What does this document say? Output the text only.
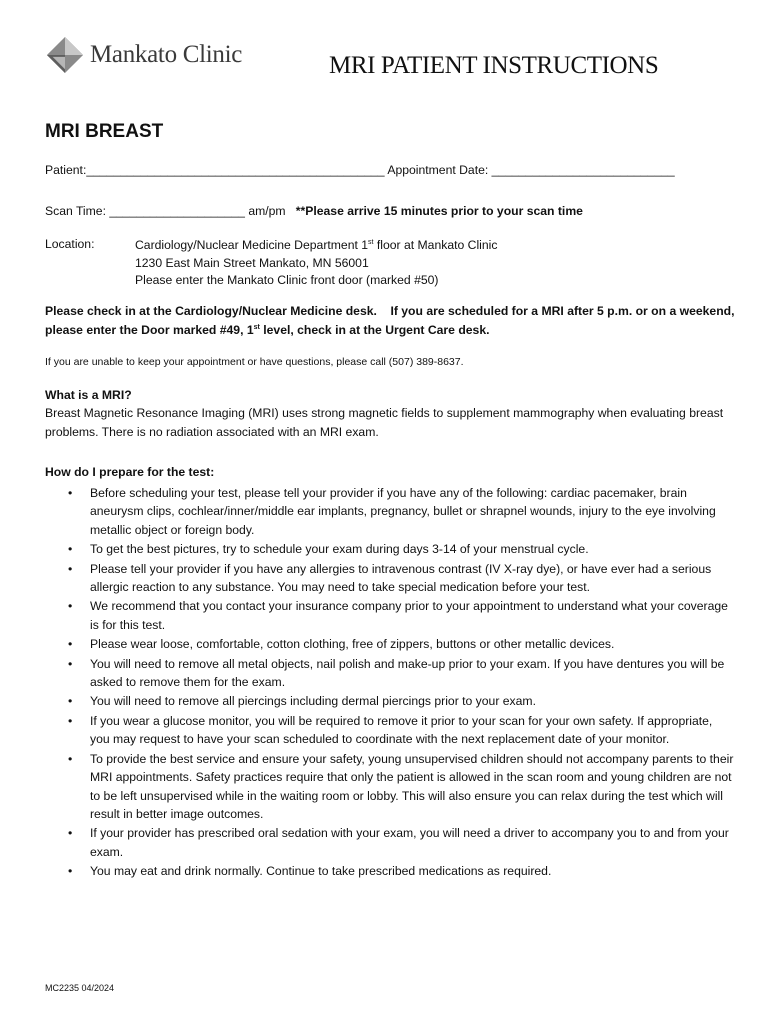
Mankato Clinic	MRI PATIENT INSTRUCTIONS
MRI BREAST
Patient:____________________________________________ Appointment Date: ___________________________
Scan Time: ____________________ am/pm **Please arrive 15 minutes prior to your scan time
Location:	Cardiology/Nuclear Medicine Department 1st floor at Mankato Clinic
1230 East Main Street Mankato, MN 56001
Please enter the Mankato Clinic front door (marked #50)
Please check in at the Cardiology/Nuclear Medicine desk.    If you are scheduled for a MRI after 5 p.m. or on a weekend, please enter the Door marked #49, 1st level, check in at the Urgent Care desk.
If you are unable to keep your appointment or have questions, please call (507) 389-8637.
What is a MRI?
Breast Magnetic Resonance Imaging (MRI) uses strong magnetic fields to supplement mammography when evaluating breast problems. There is no radiation associated with an MRI exam.
How do I prepare for the test:
• Before scheduling your test, please tell your provider if you have any of the following: cardiac pacemaker, brain aneurysm clips, cochlear/inner/middle ear implants, pregnancy, bullet or shrapnel wounds, injury to the eye involving metallic object or foreign body.
• To get the best pictures, try to schedule your exam during days 3-14 of your menstrual cycle.
• Please tell your provider if you have any allergies to intravenous contrast (IV X-ray dye), or have ever had a serious allergic reaction to any substance. You may need to take special medication before your test.
• We recommend that you contact your insurance company prior to your appointment to understand what your coverage is for this test.
• Please wear loose, comfortable, cotton clothing, free of zippers, buttons or other metallic devices.
• You will need to remove all metal objects, nail polish and make-up prior to your exam. If you have dentures you will be asked to remove them for the exam.
• You will need to remove all piercings including dermal piercings prior to your exam.
• If you wear a glucose monitor, you will be required to remove it prior to your scan for your own safety. If appropriate, you may request to have your scan scheduled to coordinate with the next replacement date of your monitor.
• To provide the best service and ensure your safety, young unsupervised children should not accompany parents to their MRI appointments. Safety practices require that only the patient is allowed in the scan room and young children are not to be left unsupervised while in the waiting room or lobby. This will also ensure you can relax during the test which will result in better image outcomes.
• If your provider has prescribed oral sedation with your exam, you will need a driver to accompany you to and from your exam.
• You may eat and drink normally. Continue to take prescribed medications as required.
MC2235 04/2024
